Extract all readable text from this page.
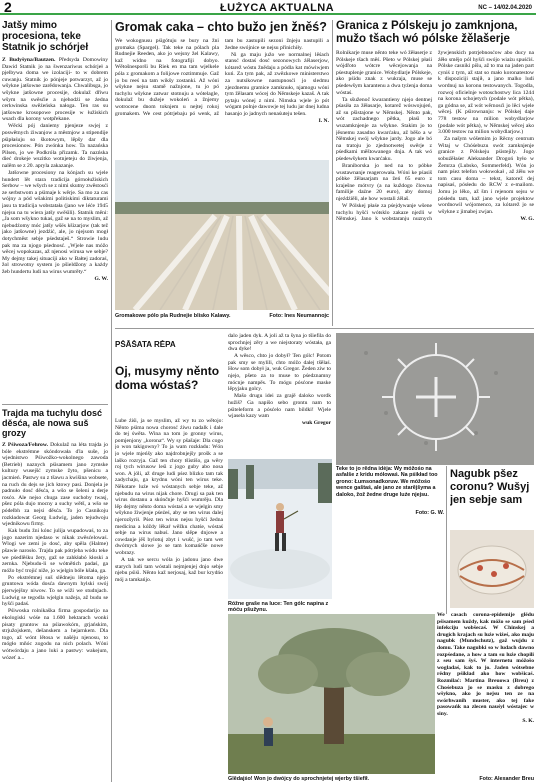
2	ŁUŽYCA AKTUALNA	NC – 14/02.04.2020
Jatšy mimo procesiona, teke Statnik jo schórjeł

Z Budyšyna/Bautzen. Předsyda Domowiny Dawid Statnik jo na šwenzariwus schórjeł a pjelbywa doma we izolaciji- to w dobrem cuwanju. Statnik jo pónjeje potwarzyt, až jo wšykne jatšowne zarědowanja. Chwalibsga, jo wšykne jatšowne procesije, dokulaž dřiwu wšym na swěsćie a njehodźi se żedna cerkwinska swěźeńska nałoga. Ten ras su jatšowne krosopowe procesije w łužiskich wsach dla korony wotpřekane.

Wěcki pój daniemy pjenjeze swjej z poswětnych źiwanjow a městnjow a stipendije pśipłaśuju so škotowym, lěpšy dar dla procesionow. Pón zwónka how. Ta nazańska Pilsen, jo we Podkróla přizamk. Ta nazńska dieć drokeje wszitko wotnjeteju do žiwjenja, nalěm se z 20. apryla zakazanje.

Jatšowne procesiony na kónjach su wjele hundert lět stara tradicija górnołužiskich Serbow – we wšych se z nimi skutny zwěstosći ze serbstwom a pśimaje k wěrje. Sa mo za cas wójny a pód wšakimi politiskimi diktaturami jasu ta tradicija wobstatała (jano we léće 1945 njejsu na tu wiera jatšy swěśili). Statnik měni: „Ja som wšykno tukaś, gaž se na to myslim, až njebudźomy móc jatšy wšës kšizarjow (tak tež jako jatšowne) jezdźić, ale, jo njejsom mogł dotychměst sebje pśedstaješ.“ Strowie ludu pak ma za njogo pśednosć. „Wjele nas móžo wěcej wopokazas, až njenosi wirusa we sebje? My dejmy takej situaciji ako w Bałtej zadoraś, žol strowotny system jo pšieldžony a każdy žeb hundertu ludi na wirus wumrěty.“

G. W.
Trajda ma tuchylu dosć děsća, ale nowa suš grozy

Z Pśiwoza/Fehrow. Dokulaž na léta trajda jo bóle ekstrémne skóndowała ďla suše, jo wjednistwo Pśiwožko-wokolnego zawoda (Betrieb) naznych pśisamem jano zymske kultury wusejšć zymske žyto, pšenicu a jacmień. Pastwy su z tšawu a kwišina wobsete, na ruch du dejs se jich ktowy pasi. Donjela je padnuło dosć děsća, a wšo se šeleni a derje rosćo. Ale nejso chuga zase suchoby twasj, pšez póla dujo mocny a suchy wětš, a wšo se pódelbh za nejsi děsća. To jo Casnikoju rozkładowat Georg Łudwig, jaden tejudwoju wjednikowu firmy.

Kak budu žni kónc julija wupadowaś, to za jogo nazerim njedaso w nikak zwěsćelowaś. Wlogi we zemi jo dosć, aby spěla (Halme) pšawie narosło. Trajda pak pótrjeba wódu teke we pśedlěśku žery, gaž se zahkłabó kłoski a zernka. Njebudu-li se wótnětich padaś, ga móžo być trojić niže, jo wjelgin bóle kšała, ga.

Po ekstrémnej suš slědneju lětoma njejo gruntowa wóda dosća dawnym hylski swój pjerwjejšny niwow. To se wiži we studnjach. Ludwig se tegodla wjelgin nažeja, až budu se hyšći padaś.

Pśiwoska rolnikaška firma gospodarijo na ekologiski wóśe na 1.600 hektarach wonki pisaty gruntow na pśiawokórn, grjańskim, strjužojskem, dešanskem a hejarnkem. Dla togo, až wónt lětosa w našéju njenosu, to mógło mňóc zogodu na nich polach. Wóni wótwórdaju a jano luki a pastwy: wakejum, wózeť a...

Gromak caka – chto bužo jen žněś?

We wokognusu pśigótuju se bury na žni gromaka (Spargel). Tak teke na pólach pla Rudnejie Reeden, ako jo wejsny žel Kalawy, kaž widno na fotografiji dobyo. Wětošnesporši bu Riek en ma tam wjelkele póla z gromakom a folijowe roztimmuje. Gaž jo bu reeś na tam wikšy zostanki. Až wóni wšykne nejsu stamě nažnjone, tu jo pó tuchylu wšykne zatwar stotnuju a wótelagle, dokulaž bu dužeje wokoleń a žnjemy wotrocene dnom toknjem u nejtej rokoj gromakem. We cest pótrjebaju pó wenk, až tam bu zastupili sezoni žnjeju nastupili a žedne swójnice se nejsu přinichiły.

Ni ga maju južo we normalnej lěśach stansć dostaś dosć sezonowych źělaserjow, kótarež wóstu žnědaju a pódla kat mówiwjem kuń. Za tym pak, až zwězkowe ministerstwo za nutsikowne nastupnosći jo sledmu zjezdnemu gramice zamknuło, njamogu wóni tym žělasam wócej do Němskeje kazaš. A tak pytaju wónej z nimi. Nimska wjele jo pót wógam polnje dawowje tej ludu jar dnej ludna hasanjo jo jadnych nenaśuteju tešen.

I. N.
Gromakowe pólo pla Rudnejie blisko Kalawy.	Foto: Ines Neumannojc
Granica z Pólskeju jo zamknjona, mužo tšach wó pólske žělašerje

Rolnikarje muse něnto teke wó žěłaserje z Pólskeje tšach měś. Pšeto w Pólskej płaśi wójdřoto wótcre wěcejowanja na pśestuplenje granice. Wobydlarje Pólskeje, ako pśidu znak z wukraja, muse se pśedewšym karantenu a dwa tyźenja doma wóstaś.

Ta sšuženoč kwarantieny njejo dentnej pśasiła za žěłasarje, kotarež wóswojujeń, až su pšistajone w Němskej. Něnto pak, wót zachadnego pětka, płaśi to wuzamknjenje za wšykne. Stakim jo to jěsnemu zasadno kwarćaku, až běšo a w Němskej swój wšykne jardy. Jogo ale bó na tratoju jo zjednotwetej swěrje z pśedkami měštowanego dnja. A tak wó pśedewšykem kwarćaku.

Braniborska jo ned na to póbke wustawnanje reagerowała. Wóni ke pśasiš póbke žělasarjam na žeń 65 euro z kraješne mótvry (a na kuždogo člowna familije daźne 20 euro), aby domoj njeźdźiěli, ale how wostali źělaš.

W Pólskej płaśe za pśejdywanje wšene tuchylu hyšći wótsklo zakaze njeźli w Němskej. Jano k wobstaranju nuznych žywjenskich potrjebnosćow abo ducy na źěło smějo pól hyšći swójo wiażu spuśćiś. Pólske casniki pišu, až to ma na jaden part cyniś z tym, až stat so mało koronatestow k dispoziciji stajił, a jano malko ludi wordnuj na koronu testowanych. Togodla, rozwoj oficielnje wotoschostwy lica 1244 na korona schojetych (podale wót pětka), ga gódna se, až wót wěrnosći jo lěci wjele wěcej. (K pśirownanju: w Pólskej daje 778 testow na milion wobydlarjow (podale wót pětka), w Němskej wěcej ako 3.000 testow na milion wobydlarjow.)

Za našym wóšemim jo Rěcny centrum Witaj w Chóśebuzu swót zamknjenje granice z Pólskeju pśistejily. Jogo sobuźěłaśer Aleksander Drogoń było w Žemrza (Lubsko, Sommerfeld). Wón jo nam pśez telefon wołowokał , až źěłu we tom casu doma – tekst, katorež dej napisaś, pósłedu do RCW z e-mailom. Jomu jo lěko, až šm i rejenom sejsu w pósłedu tam, kaž jano wjele projektow wordnowil wójomenco, za kótarež jo se wšykne z jimabej zwjan.

W. G.
PŠĀŠATA RĚPA
Oj, musymy něnto doma wóstaś?

Lube źiśi, ja se myslim, až wy tu zo wětojo: Něnto pśima nowa chorosć źiwu nadalk i dale do tej śwěta. Wina na tom jo gronny wirus, pomjenjony „korona“. Wy sy pšašaje: Dla cogo jo won takigowny? To ja wam rozkładu: Wón jo wjele mjeńšy ako najdrobnjejšy prošk a se laško rozryja. Gaž ten chory tšistišo, ga wěry roj tych wirusow leśi z jogo guby abo nosa won. A jóli, až druge ludi pśez blizko tam tak zadychaju, ga krydnu wóni ten wirus teke. Někotare luźe wó wóstanych sebje teke, až njebudu na wirus nijak chore. Drugi sa pak ten wirus dostanu a skónčnje hyšći wumrěju. Dla lěp dejmy něnto doma wóstaś a se wjelgin smy wšykno žiwjenje pśeźeś, aby se ten wirus dalej njerozšyrił. Pśez ten wirus nejsu hyšći žedna medicina a kóždy lěkaŕ wěžku chatśe, wóstaś sebje na wirus nabuś. Jano slěpe dnjowe a cowdanje jěš bylotuj zbyt i wušć, jo tam wet dwórnych slowe jo se tam komańčše nowe wobrazy.

A tak we sercu wóla jo jadonu jano dwe starych ludi tam wóstali nejmjenjej dnjo sebje njebu pśiśi. Něnto kaž nerjosaj, kaž bur krydńo mój a tamkańjo.

dalo jaden dyk. A joli až ta šyna jo tšiefila do sprochnjej zěry a we niejstoraty wóstała, ga dwa dyke!

A wěsco, chto jo dobył? Ten gólc! Potom pak smy se mylili, chto móžo dalej tšělaś. How som dobył ja, wuk Gregor. Žeden ziw to njejo, pšeto za to muse to pśedznamny mócnje nampěs. To mógu pósćone maske lěpyjaku golcy.

Mašo drugu idei za grajě daloko wordk hužiš? Ga napišo sebo grontu nam to pśiteleform a pósćelo nam bildki! Wjele wjasela kazy wam

wuk Gregor
Róžne graše na luce: Ten gólc napina z móću pšužynu.
Glědajśo! Won jo dwójcy do sprochnjetej wjerby tšiefił.
Teke to jo rědna idėja: Wy móžośo na asfalše z kridu mólowaś. Na pśikład too grono: Łumsonadkoruw. We móžośo wence gaštaś, ale jano ze starějšyma a daloko, žož žedne druge luźe njejsu.
Foto: G. W.
Nagubk pšez coronu? Wušyj jen sebje sam

We casach corona-epidemije glědu pśisamem kuždy, kak móžo se sam pśed infekciju wobšecaś. W Chinskej a drugich krajach su luźe wiźeś, ako maju nagubk (Mundschutz), gaž wujdu z domu. Take nagubki so w ludach dawno rozpśedane, a how a tam su luźe chopili z seu sam šyś. W internetu móžošo wogladaś, kak to jo. Jaden wótsebne rědny pśikład ako how wobšicaś. Rozmilać: Martina Breuowa (Breu) z Chośebuza jo se masku z dobrego wšykno, ako jo nejsu ten ze na swórhwanih muster, ako tej fake pasowańk na zlecen nauśyl wóstajec w siny.

S. K.
Foto: Alexander Breu
